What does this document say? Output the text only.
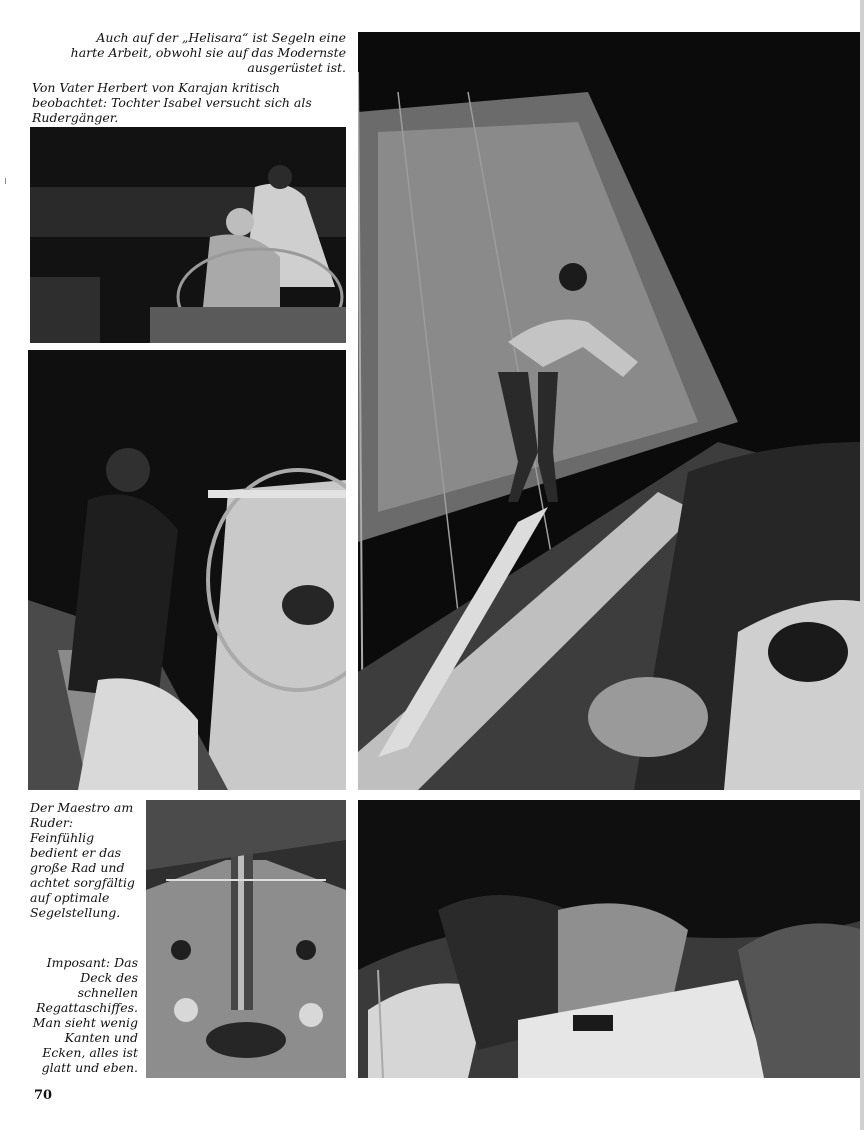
Auch auf der „Helisara“ ist Segeln eine harte Arbeit, obwohl sie auf das Modernste ausgerüstet ist.
Von Vater Herbert von Karajan kritisch beobachtet: Tochter Isabel versucht sich als Rudergänger.
Der Maestro am Ruder: Feinfühlig bedient er das große Rad und achtet sorgfältig auf optimale Segelstellung.
Imposant: Das Deck des schnellen Regattaschiffes. Man sieht wenig Kanten und Ecken, alles ist glatt und eben.
70
